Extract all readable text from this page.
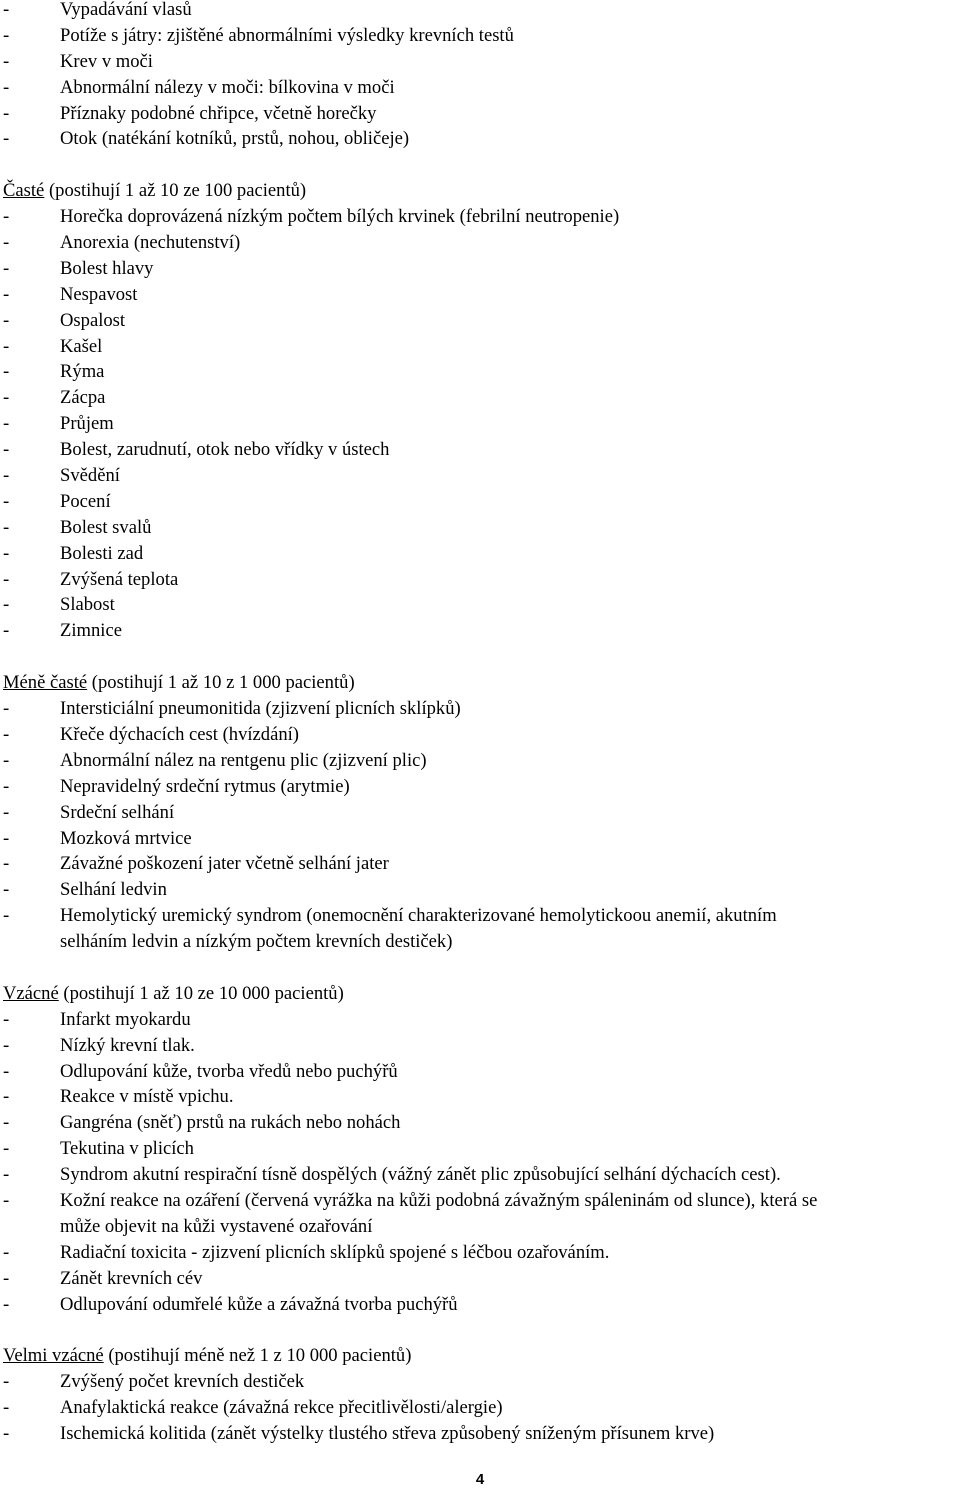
-	Vypadávání vlasů
-	Potíže s játry: zjištěné abnormálními výsledky krevních testů
-	Krev v moči
-	Abnormální nálezy v moči: bílkovina v moči
-	Příznaky podobné chřipce, včetně horečky
-	Otok (natékání kotníků, prstů, nohou, obličeje)
Časté (postihují 1 až 10 ze 100 pacientů)
-	Horečka doprovázená nízkým počtem bílých krvinek (febrilní neutropenie)
-	Anorexia (nechutenství)
-	Bolest hlavy
-	Nespavost
-	Ospalost
-	Kašel
-	Rýma
-	Zácpa
-	Průjem
-	Bolest, zarudnutí, otok nebo vřídky v ústech
-	Svědění
-	Pocení
-	Bolest svalů
-	Bolesti zad
-	Zvýšená teplota
-	Slabost
-	Zimnice
Méně časté (postihují 1 až 10 z 1 000 pacientů)
-	Intersticiální pneumonitida (zjizvení plicních sklípků)
-	Křeče dýchacích cest (hvízdání)
-	Abnormální nález na rentgenu plic (zjizvení plic)
-	Nepravidelný srdeční rytmus (arytmie)
-	Srdeční selhání
-	Mozková mrtvice
-	Závažné poškození jater včetně selhání jater
-	Selhání ledvin
-	Hemolytický uremický syndrom (onemocnění charakterizované hemolytickoou anemií, akutním
selháním ledvin a nízkým počtem krevních destiček)
Vzácné (postihují 1 až 10 ze 10 000 pacientů)
-	Infarkt myokardu
-	Nízký krevní tlak.
-	Odlupování kůže, tvorba vředů nebo puchýřů
-	Reakce v místě vpichu.
-	Gangréna (sněť) prstů na rukách nebo nohách
-	Tekutina v plicích
-	Syndrom akutní respirační tísně dospělých (vážný zánět plic způsobující selhání dýchacích cest).
-	Kožní reakce na ozáření (červená vyrážka na kůži podobná závažným spáleninám od slunce), která se
může objevit na kůži vystavené ozařování
-	Radiační toxicita - zjizvení plicních sklípků spojené s léčbou ozařováním.
-	Zánět krevních cév
-	Odlupování odumřelé kůže a závažná tvorba puchýřů
Velmi vzácné (postihují méně než 1 z 10 000 pacientů)
-	Zvýšený počet krevních destiček
-	Anafylaktická reakce (závažná rekce přecitlivělosti/alergie)
-	Ischemická kolitida (zánět výstelky tlustého střeva způsobený sníženým přísunem krve)
4
